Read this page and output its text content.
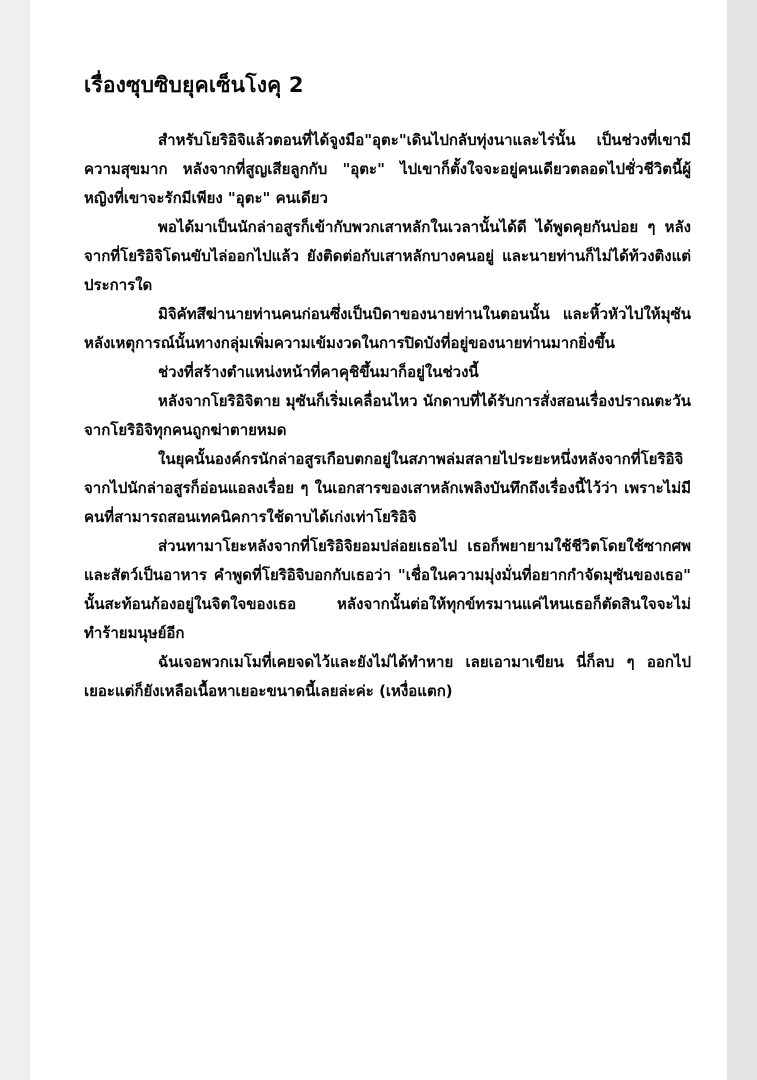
เรื่องซุบซิบยุคเซ็นโงคุ 2

สำหรับโยริอิจิแล้วตอนที่ได้จูงมือ"อุตะ"เดินไปกลับทุ่งนาและไร่นั้น เป็นช่วงที่เขามีความสุขมาก หลังจากที่สูญเสียลูกกับ "อุตะ" ไปเขาก็ตั้งใจจะอยู่คนเดียวตลอดไปชั่วชีวิตนี้ผู้หญิงที่เขาจะรักมีเพียง "อุตะ" คนเดียว

พอได้มาเป็นนักล่าอสูรก็เข้ากับพวกเสาหลักในเวลานั้นได้ดี ได้พูดคุยกันบ่อย ๆ หลังจากที่โยริอิจิโดนขับไล่ออกไปแล้ว ยังติดต่อกับเสาหลักบางคนอยู่ และนายท่านก็ไม่ได้ท้วงติงแต่ประการใด

มิจิคัทสึฆ่านายท่านคนก่อนซึ่งเป็นบิดาของนายท่านในตอนนั้น และหิ้วหัวไปให้มุซัน หลังเหตุการณ์นั้นทางกลุ่มเพิ่มความเข้มงวดในการปิดบังที่อยู่ของนายท่านมากยิ่งขึ้น

ช่วงที่สร้างตำแหน่งหน้าที่คาคุชิขึ้นมาก็อยู่ในช่วงนี้

หลังจากโยริอิจิตาย มุซันก็เริ่มเคลื่อนไหว นักดาบที่ได้รับการสั่งสอนเรื่องปราณตะวันจากโยริอิจิทุกคนถูกฆ่าตายหมด

ในยุคนั้นองค์กรนักล่าอสูรเกือบตกอยู่ในสภาพล่มสลายไประยะหนึ่งหลังจากที่โยริอิจิจากไปนักล่าอสูรก็อ่อนแอลงเรื่อย ๆ ในเอกสารของเสาหลักเพลิงบันทึกถึงเรื่องนี้ไว้ว่า เพราะไม่มีคนที่สามารถสอนเทคนิคการใช้ดาบได้เก่งเท่าโยริอิจิ

ส่วนทามาโยะหลังจากที่โยริอิจิยอมปล่อยเธอไป เธอก็พยายามใช้ชีวิตโดยใช้ซากศพและสัตว์เป็นอาหาร คำพูดที่โยริอิจิบอกกับเธอว่า "เชื่อในความมุ่งมั่นที่อยากกำจัดมุซันของเธอ" นั้นสะท้อนก้องอยู่ในจิตใจของเธอ หลังจากนั้นต่อให้ทุกข์ทรมานแค่ไหนเธอก็ตัดสินใจจะไม่ทำร้ายมนุษย์อีก

ฉันเจอพวกเมโมที่เคยจดไว้และยังไม่ได้ทำหาย เลยเอามาเขียน นี่ก็ลบ ๆ ออกไปเยอะแต่ก็ยังเหลือเนื้อหาเยอะขนาดนี้เลยล่ะค่ะ (เหงื่อแตก)
